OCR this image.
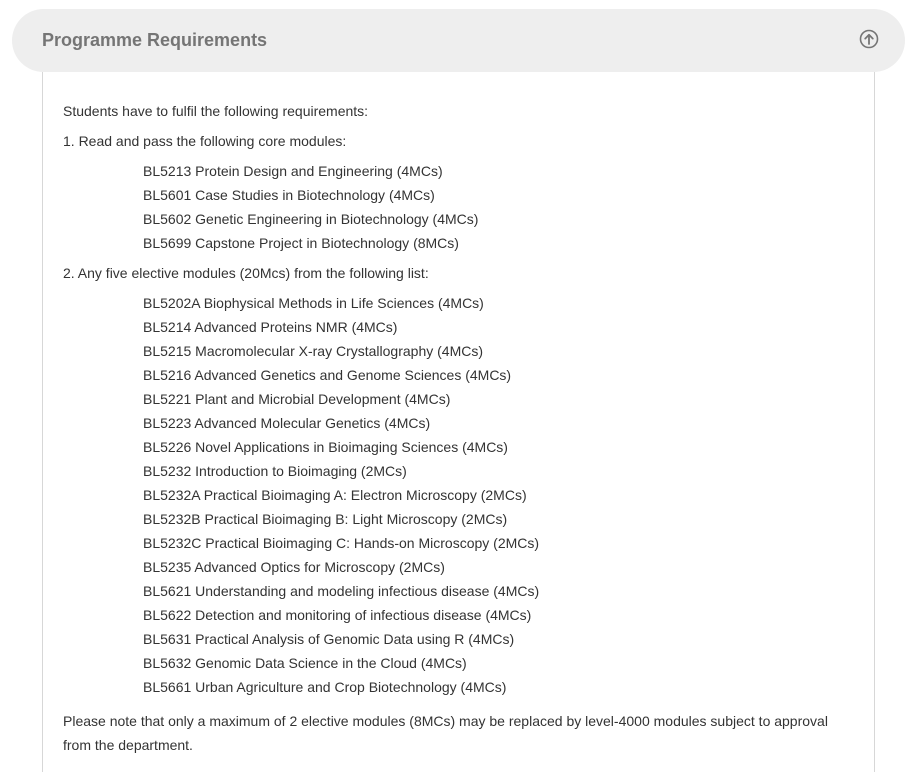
Programme Requirements

Students have to fulfil the following requirements:

1. Read and pass the following core modules:

BL5213 Protein Design and Engineering (4MCs)
BL5601 Case Studies in Biotechnology (4MCs)
BL5602 Genetic Engineering in Biotechnology (4MCs)
BL5699 Capstone Project in Biotechnology (8MCs)

2. Any five elective modules (20Mcs) from the following list:

BL5202A Biophysical Methods in Life Sciences (4MCs)
BL5214 Advanced Proteins NMR (4MCs)
BL5215 Macromolecular X-ray Crystallography (4MCs)
BL5216 Advanced Genetics and Genome Sciences (4MCs)
BL5221 Plant and Microbial Development (4MCs)
BL5223 Advanced Molecular Genetics (4MCs)
BL5226 Novel Applications in Bioimaging Sciences (4MCs)
BL5232 Introduction to Bioimaging (2MCs)
BL5232A Practical Bioimaging A: Electron Microscopy (2MCs)
BL5232B Practical Bioimaging B: Light Microscopy (2MCs)
BL5232C Practical Bioimaging C: Hands-on Microscopy (2MCs)
BL5235 Advanced Optics for Microscopy (2MCs)
BL5621 Understanding and modeling infectious disease (4MCs)
BL5622 Detection and monitoring of infectious disease (4MCs)
BL5631 Practical Analysis of Genomic Data using R (4MCs)
BL5632 Genomic Data Science in the Cloud (4MCs)
BL5661 Urban Agriculture and Crop Biotechnology (4MCs)

Please note that only a maximum of 2 elective modules (8MCs) may be replaced by level-4000 modules subject to approval from the department.
